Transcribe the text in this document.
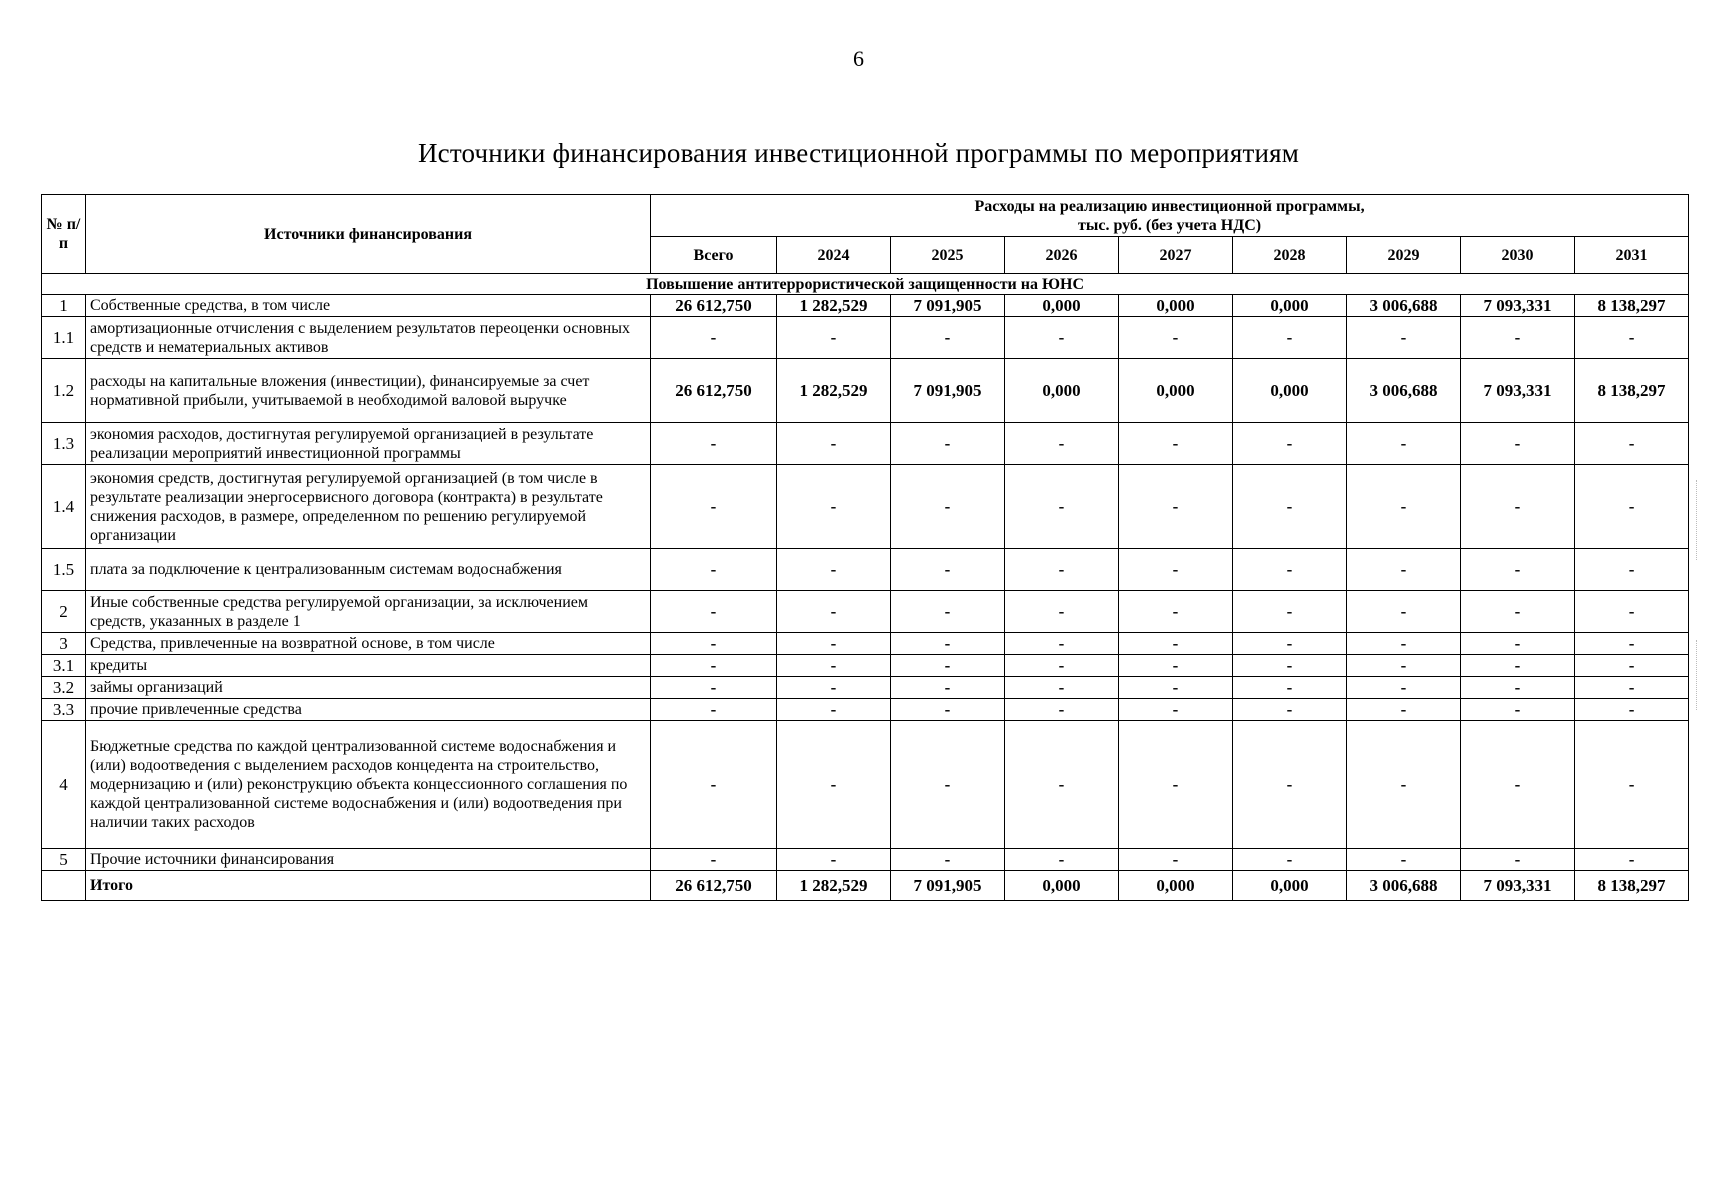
6
Источники финансирования инвестиционной программы по мероприятиям
№ п/п	Источники финансирования	Расходы на реализацию инвестиционной программы,
тыс. руб. (без учета НДС)								

		Всего	2024	2025	2026	2027	2028	2029	2030	2031
Повышение антитеррористической защищенности на ЮНС										
1	Собственные средства, в том числе	26 612,750	1 282,529	7 091,905	0,000	0,000	0,000	3 006,688	7 093,331	8 138,297
1.1	амортизационные отчисления с выделением результатов переоценки основных средств и нематериальных активов	-	-	-	-	-	-	-	-	-
1.2	расходы на капитальные вложения (инвестиции), финансируемые за счет нормативной прибыли, учитываемой в необходимой валовой выручке	26 612,750	1 282,529	7 091,905	0,000	0,000	0,000	3 006,688	7 093,331	8 138,297
1.3	экономия расходов, достигнутая регулируемой организацией в результате реализации мероприятий инвестиционной программы	-	-	-	-	-	-	-	-	-
1.4	экономия средств, достигнутая регулируемой организацией (в том числе в результате реализации энергосервисного договора (контракта) в результате снижения расходов, в размере, определенном по решению регулируемой организации	-	-	-	-	-	-	-	-	-
1.5	плата за подключение к централизованным системам водоснабжения	-	-	-	-	-	-	-	-	-
2	Иные собственные средства регулируемой организации, за исключением средств, указанных в разделе 1	-	-	-	-	-	-	-	-	-
3	Средства, привлеченные на возвратной основе, в том числе	-	-	-	-	-	-	-	-	-
3.1	кредиты	-	-	-	-	-	-	-	-	-
3.2	займы организаций	-	-	-	-	-	-	-	-	-
3.3	прочие привлеченные средства	-	-	-	-	-	-	-	-	-
4	Бюджетные средства по каждой централизованной системе водоснабжения и (или) водоотведения с выделением расходов концедента на строительство, модернизацию и (или) реконструкцию объекта концессионного соглашения по каждой централизованной системе водоснабжения и (или) водоотведения при наличии таких расходов	-	-	-	-	-	-	-	-	-
5	Прочие источники финансирования	-	-	-	-	-	-	-	-	-
	Итого	26 612,750	1 282,529	7 091,905	0,000	0,000	0,000	3 006,688	7 093,331	8 138,297
